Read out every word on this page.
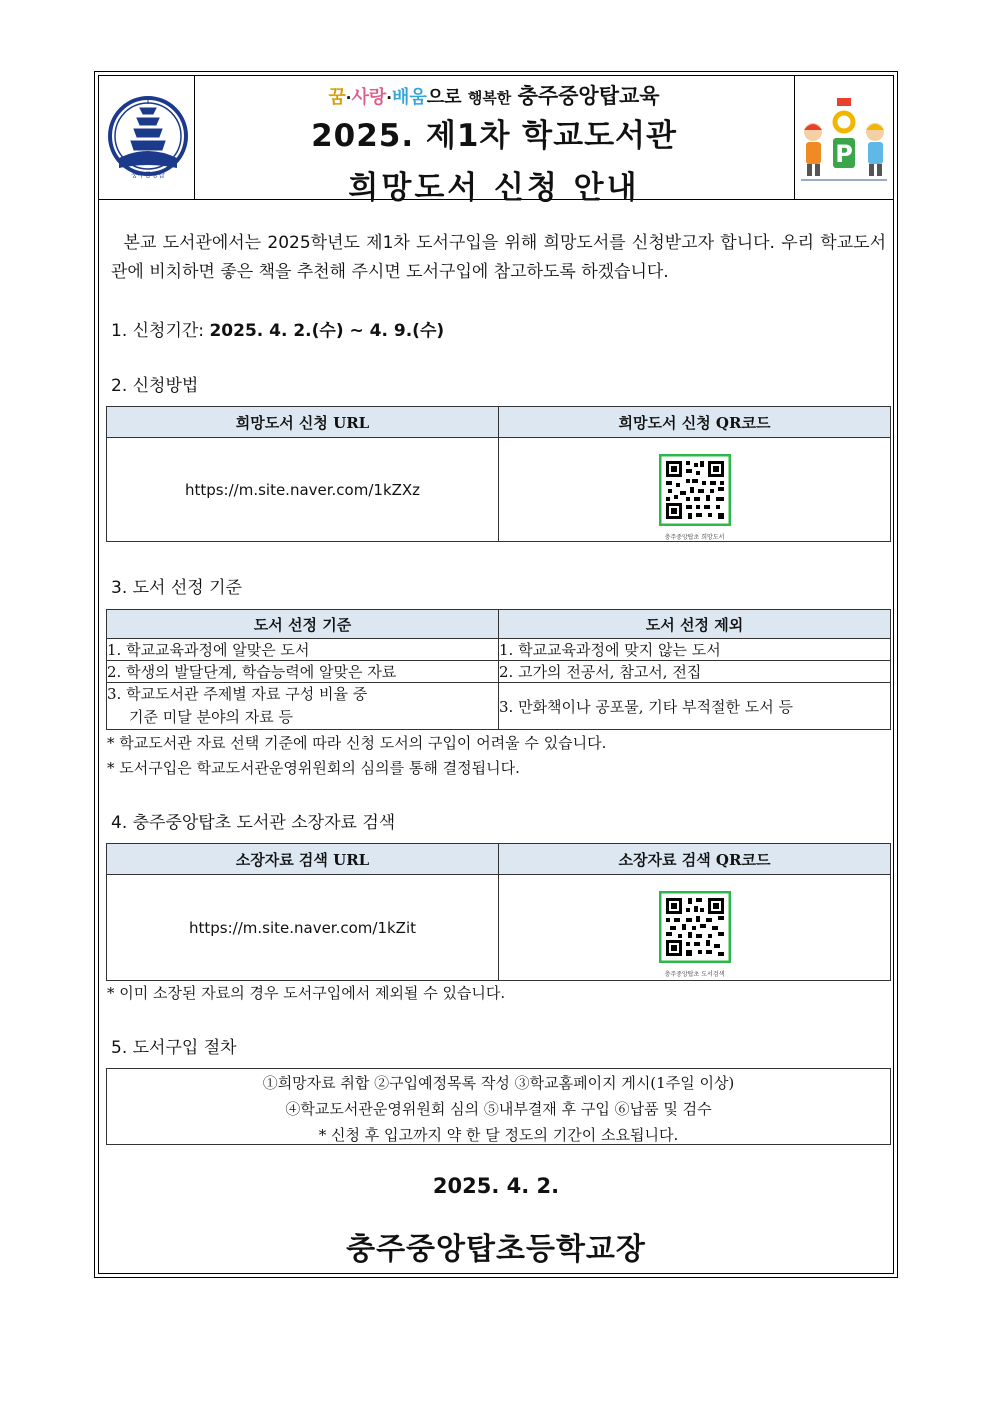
충주중앙탑
꿈·사랑·배움으로 행복한 충주중앙탑교육
2025. 제1차 학교도서관
희망도서 신청 안내
T
P
본교 도서관에서는 2025학년도 제1차 도서구입을 위해 희망도서를 신청받고자 합니다. 우리 학교도서관에 비치하면 좋은 책을 추천해 주시면 도서구입에 참고하도록 하겠습니다.
1. 신청기간: 2025. 4. 2.(수) ~ 4. 9.(수)
2. 신청방법
희망도서 신청 URL	희망도서 신청 QR코드
https://m.site.naver.com/1kZXz	충주중앙탑초 희망도서
3. 도서 선정 기준
도서 선정 기준	도서 선정 제외
1. 학교교육과정에 알맞은 도서	1. 학교교육과정에 맞지 않는 도서
2. 학생의 발달단계, 학습능력에 알맞은 자료	2. 고가의 전공서, 참고서, 전집

3. 학교도서관 주제별 자료 구성 비율 중
기준 미달 분야의 자료 등	3. 만화책이나 공포물, 기타 부적절한 도서 등
* 학교도서관 자료 선택 기준에 따라 신청 도서의 구입이 어려울 수 있습니다.
* 도서구입은 학교도서관운영위원회의 심의를 통해 결정됩니다.
4. 충주중앙탑초 도서관 소장자료 검색
소장자료 검색 URL	소장자료 검색 QR코드
https://m.site.naver.com/1kZit	충주중앙탑초 도서검색
* 이미 소장된 자료의 경우 도서구입에서 제외될 수 있습니다.
5. 도서구입 절차
①희망자료 취합 ②구입예정목록 작성 ③학교홈페이지 게시(1주일 이상)
④학교도서관운영위원회 심의 ⑤내부결재 후 구입 ⑥납품 및 검수
* 신청 후 입고까지 약 한 달 정도의 기간이 소요됩니다.
2025. 4. 2.
충주중앙탑초등학교장
